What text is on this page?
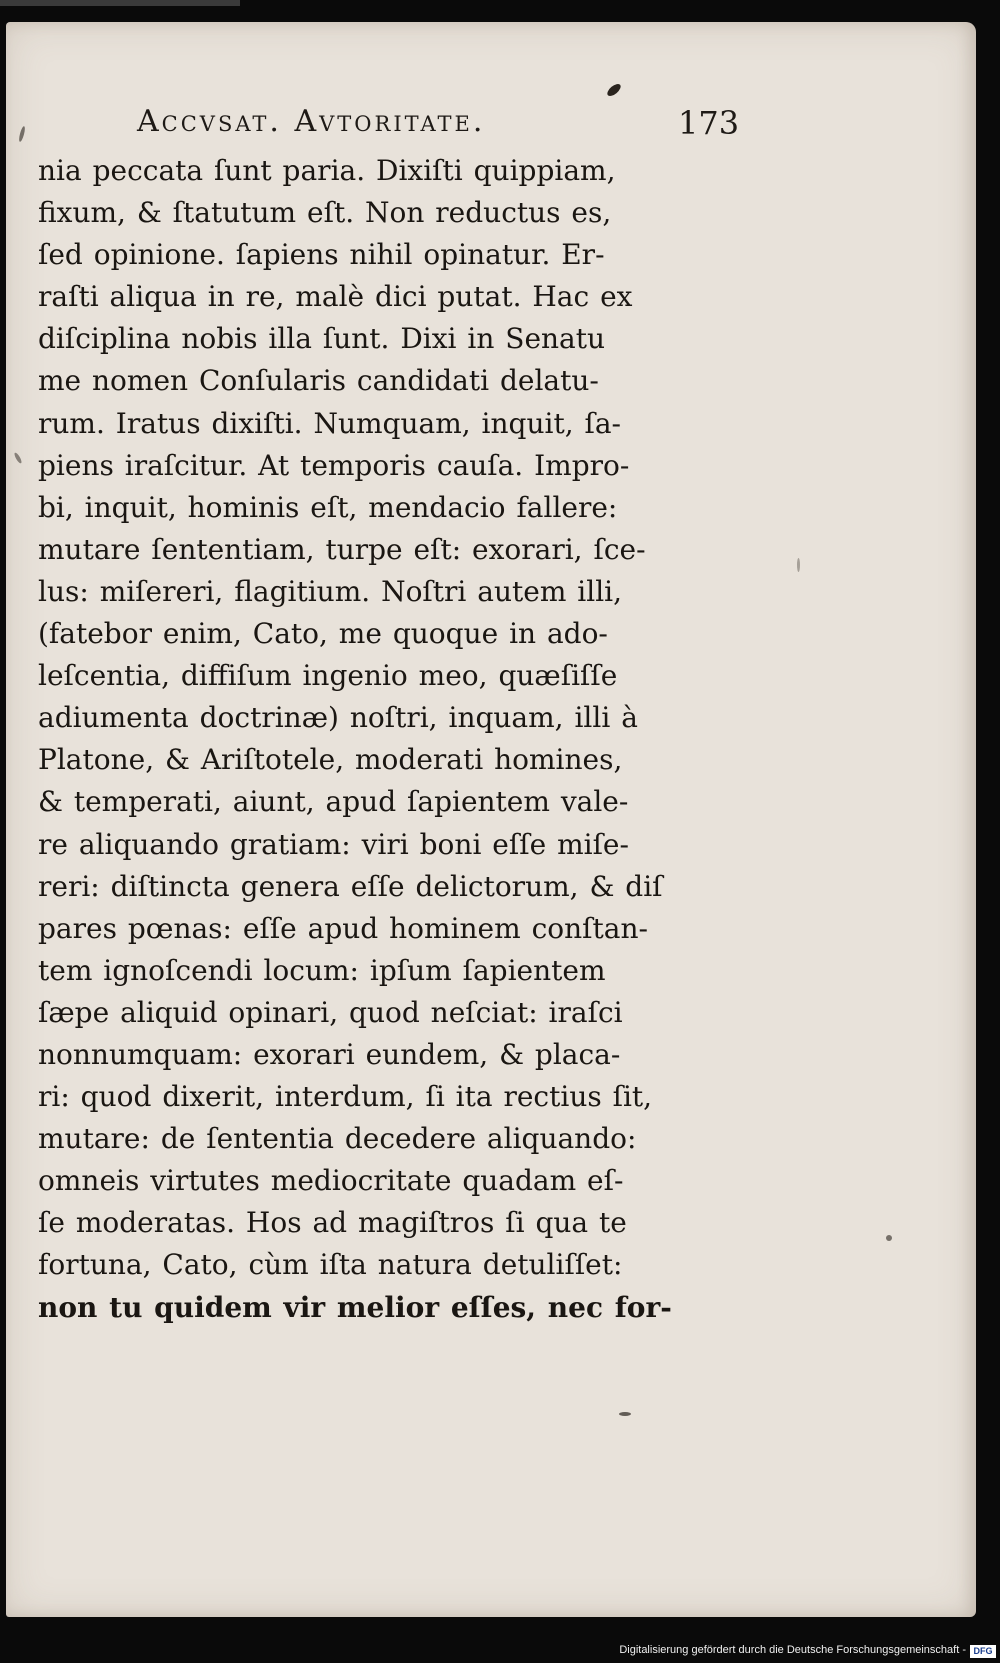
Accvsat. Avtoritate.	173
nia peccata ſunt paria. Dixiſti quippiam,
fixum, & ſtatutum eſt. Non reductus es,
ſed opinione. ſapiens nihil opinatur. Er-
raſti aliqua in re, malè dici putat. Hac ex
diſciplina nobis illa ſunt. Dixi in Senatu
me nomen Conſularis candidati delatu-
rum. Iratus dixiſti. Numquam, inquit, ſa-
piens iraſcitur. At temporis cauſa. Impro-
bi, inquit, hominis eſt, mendacio fallere:
mutare ſententiam, turpe eſt: exorari, ſce-
lus: miſereri, flagitium. Noſtri autem illi,
(fatebor enim, Cato, me quoque in ado-
leſcentia, diffiſum ingenio meo, quæſiſſe
adiumenta doctrinæ) noſtri, inquam, illi à
Platone, & Ariſtotele, moderati homines,
& temperati, aiunt, apud ſapientem vale-
re aliquando gratiam: viri boni eſſe miſe-
reri: diſtincta genera eſſe delictorum, & diſ
pares pœnas: eſſe apud hominem conſtan-
tem ignoſcendi locum: ipſum ſapientem
ſæpe aliquid opinari, quod neſciat: iraſci
nonnumquam: exorari eundem, & placa-
ri: quod dixerit, interdum, ſi ita rectius ſit,
mutare: de ſententia decedere aliquando:
omneis virtutes mediocritate quadam eſ-
ſe moderatas. Hos ad magiſtros ſi qua te
fortuna, Cato, cùm iſta natura detuliſſet:
non tu quidem vir melior eſſes, nec for-
Digitalisierung gefördert durch die Deutsche Forschungsgemeinschaft - DFG
